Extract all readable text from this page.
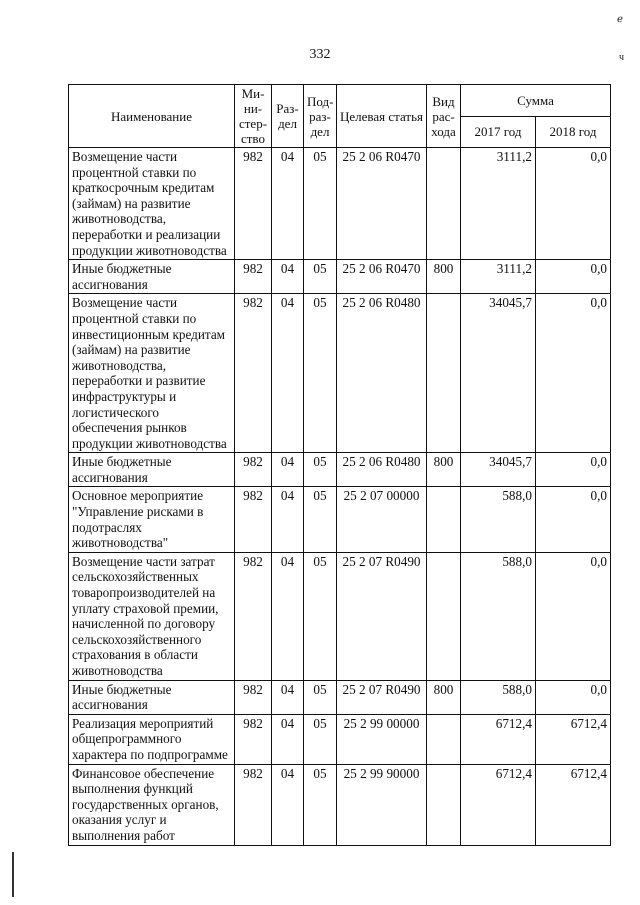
332
ℯ
ч
Наименование	Ми-ни-стер-ство	Раз-дел	Под-раз-дел	Целевая статья	Вид рас-хода	Сумма	
						2017 год	2018 год
Возмещение части процентной ставки по краткосрочным кредитам (займам) на развитие животноводства, переработки и реализации продукции животноводства	982	04	05	25 2 06 R0470		3111,2	0,0
Иные бюджетные ассигнования	982	04	05	25 2 06 R0470	800	3111,2	0,0
Возмещение части процентной ставки по инвестиционным кредитам (займам) на развитие животноводства, переработки и развитие инфраструктуры и логистического обеспечения рынков продукции животноводства	982	04	05	25 2 06 R0480		34045,7	0,0
Иные бюджетные ассигнования	982	04	05	25 2 06 R0480	800	34045,7	0,0
Основное мероприятие "Управление рисками в подотраслях животноводства"	982	04	05	25 2 07 00000		588,0	0,0
Возмещение части затрат сельскохозяйственных товаропроизводителей на уплату страховой премии, начисленной по договору сельскохозяйственного страхования в области животноводства	982	04	05	25 2 07 R0490		588,0	0,0
Иные бюджетные ассигнования	982	04	05	25 2 07 R0490	800	588,0	0,0
Реализация мероприятий общепрограммного характера по подпрограмме	982	04	05	25 2 99 00000		6712,4	6712,4
Финансовое обеспечение выполнения функций государственных органов, оказания услуг и выполнения работ	982	04	05	25 2 99 90000		6712,4	6712,4
